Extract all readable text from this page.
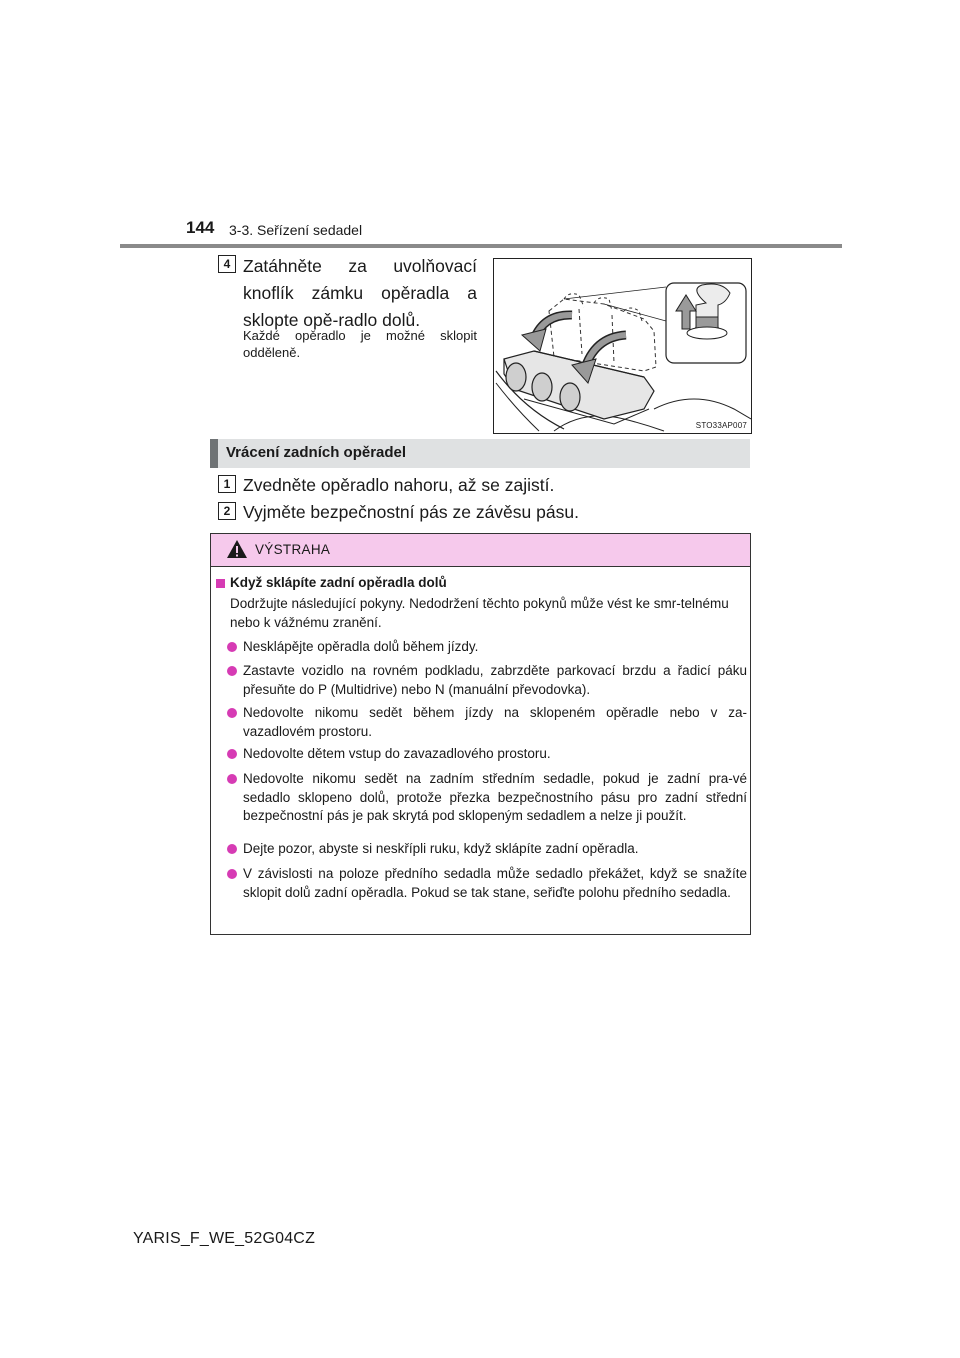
144 3-3. Seřízení sedadel
4 Zatáhněte za uvolňovací knoflík zámku opěradla a sklopte opě-radlo dolů.
Každé opěradlo je možné sklopit odděleně.
STO33AP007
Vrácení zadních opěradel
1 Zvedněte opěradlo nahoru, až se zajistí.
2 Vyjměte bezpečnostní pás ze závěsu pásu.
VÝSTRAHA
Když sklápíte zadní opěradla dolů
Dodržujte následující pokyny. Nedodržení těchto pokynů může vést ke smr-telnému nebo k vážnému zranění.
Nesklápějte opěradla dolů během jízdy.
Zastavte vozidlo na rovném podkladu, zabrzděte parkovací brzdu a řadicí páku přesuňte do P (Multidrive) nebo N (manuální převodovka).
Nedovolte nikomu sedět během jízdy na sklopeném opěradle nebo v za-vazadlovém prostoru.
Nedovolte dětem vstup do zavazadlového prostoru.
Nedovolte nikomu sedět na zadním středním sedadle, pokud je zadní pra-vé sedadlo sklopeno dolů, protože přezka bezpečnostního pásu pro zadní střední bezpečnostní pás je pak skrytá pod sklopeným sedadlem a nelze ji použít.
Dejte pozor, abyste si neskřípli ruku, když sklápíte zadní opěradla.
V závislosti na poloze předního sedadla může sedadlo překážet, když se snažíte sklopit dolů zadní opěradla. Pokud se tak stane, seřiďte polohu předního sedadla.
YARIS_F_WE_52G04CZ
